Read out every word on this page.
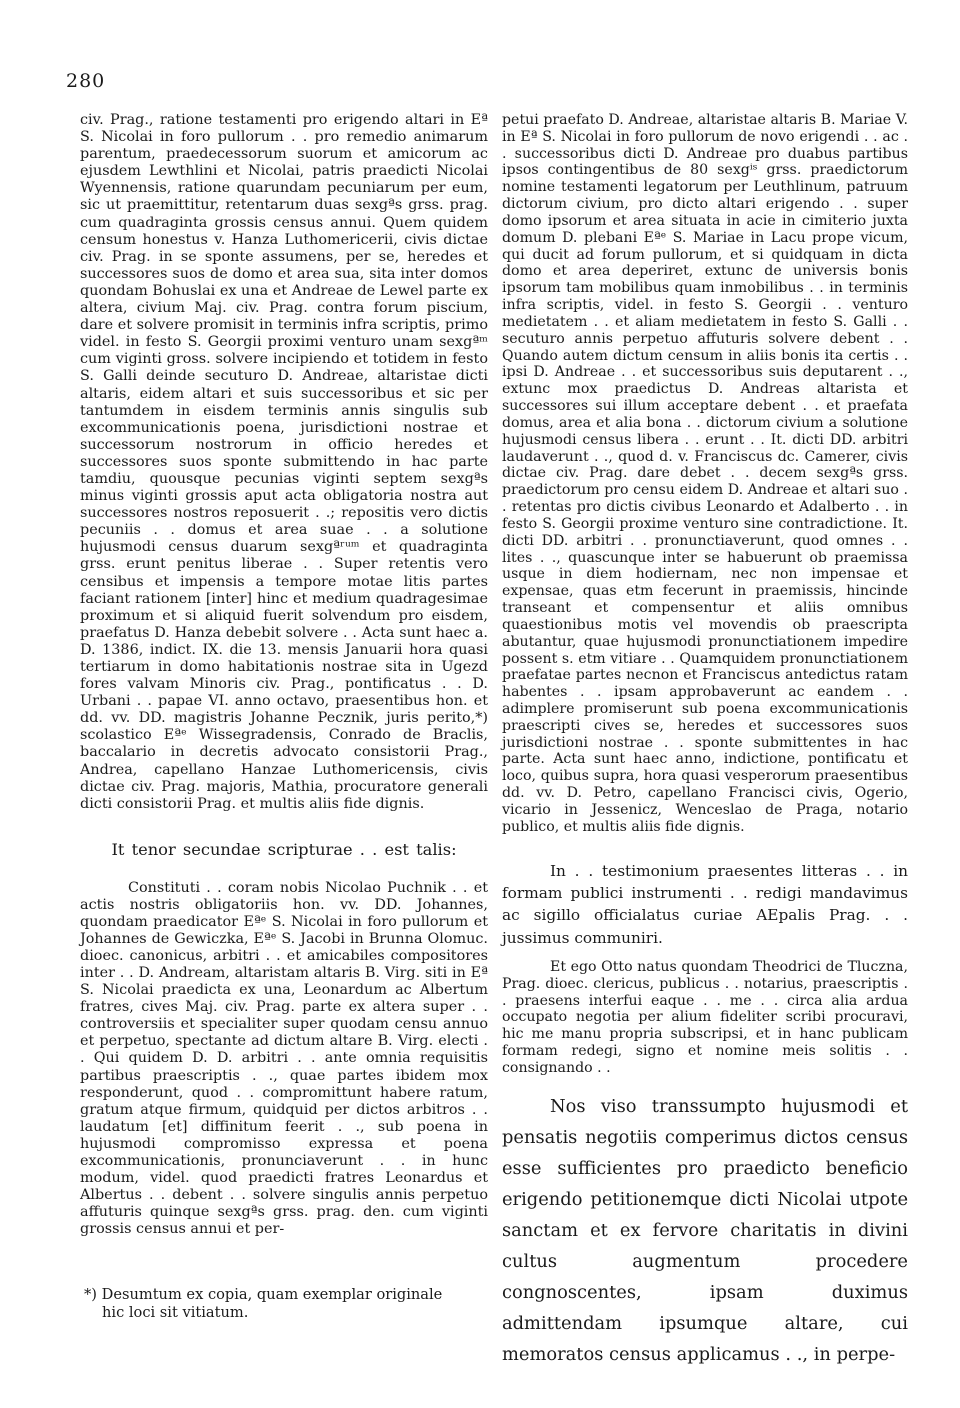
280

civ. Prag., ratione testamenti pro erigendo altari in Eª S. Nicolai in foro pullorum . . pro remedio animarum parentum, praedecessorum suorum et amicorum ac ejusdem Lewthlini et Nicolai, patris praedicti Nicolai Wyennensis, ratione quarundam pecuniarum per eum, sic ut praemittitur, retentarum duas sexgªs grss. prag. cum quadraginta grossis census annui. Quem quidem censum honestus v. Hanza Luthomericerii, civis dictae civ. Prag. in se sponte assumens, per se, heredes et successores suos de domo et area sua, sita inter domos quondam Bohuslai ex una et Andreae de Lewel parte ex altera, civium Maj. civ. Prag. contra forum piscium, dare et solvere promisit in terminis infra scriptis, primo videl. in festo S. Georgii proximi venturo unam sexgªᵐ cum viginti gross. solvere incipiendo et totidem in festo S. Galli deinde secuturo D. Andreae, altaristae dicti altaris, eidem altari et suis successoribus et sic per tantumdem in eisdem terminis annis singulis sub excommunicationis poena, jurisdictioni nostrae et successorum nostrorum in officio heredes et successores suos sponte submittendo in hac parte tamdiu, quousque pecunias viginti septem sexgªs minus viginti grossis aput acta obligatoria nostra aut successores nostros reposuerit . .; repositis vero dictis pecuniis . . domus et area suae . . a solutione hujusmodi census duarum sexgªʳᵘᵐ et quadraginta grss. erunt penitus liberae . . Super retentis vero censibus et impensis a tempore motae litis partes faciant rationem [inter] hinc et medium quadragesimae proximum et si aliquid fuerit solvendum pro eisdem, praefatus D. Hanza debebit solvere . . Acta sunt haec a. D. 1386, indict. IX. die 13. mensis Januarii hora quasi tertiarum in domo habitationis nostrae sita in Ugezd fores valvam Minoris civ. Prag., pontificatus . . D. Urbani . . papae VI. anno octavo, praesentibus hon. et dd. vv. DD. magistris Johanne Pecznik, juris perito,*) scolastico Eªᵉ Wissegradensis, Conrado de Braclis, baccalario in decretis advocato consistorii Prag., Andrea, capellano Hanzae Luthomericensis, civis dictae civ. Prag. majoris, Mathia, procuratore generali dicti consistorii Prag. et multis aliis fide dignis.

It tenor secundae scripturae . . est talis:

Constituti . . coram nobis Nicolao Puchnik . . et actis nostris obligatoriis hon. vv. DD. Johannes, quondam praedicator Eªᵉ S. Nicolai in foro pullorum et Johannes de Gewiczka, Eªᵉ S. Jacobi in Brunna Olomuc. dioec. canonicus, arbitri . . et amicabiles compositores inter . . D. Andream, altaristam altaris B. Virg. siti in Eª S. Nicolai praedicta ex una, Leonardum ac Albertum fratres, cives Maj. civ. Prag. parte ex altera super . . controversiis et specialiter super quodam censu annuo et perpetuo, spectante ad dictum altare B. Virg. electi . . Qui quidem D. D. arbitri . . ante omnia requisitis partibus praescriptis . ., quae partes ibidem mox responderunt, quod . . compromittunt habere ratum, gratum atque firmum, quidquid per dictos arbitros . . laudatum [et] diffinitum feerit . ., sub poena in hujusmodi compromisso expressa et poena excommunicationis, pronunciaverunt . . in hunc modum, videl. quod praedicti fratres Leonardus et Albertus . . debent . . solvere singulis annis perpetuo affuturis quinque sexgªs grss. prag. den. cum viginti grossis census annui et per-

*) Desumtum ex copia, quam exemplar originale
hic loci sit vitiatum.

petui praefato D. Andreae, altaristae altaris B. Mariae V. in Eª S. Nicolai in foro pullorum de novo erigendi . . ac . . successoribus dicti D. Andreae pro duabus partibus ipsos contingentibus de 80 sexgⁱˢ grss. praedictorum nomine testamenti legatorum per Leuthlinum, patruum dictorum civium, pro dicto altari erigendo . . super domo ipsorum et area situata in acie in cimiterio juxta domum D. plebani Eªᵉ S. Mariae in Lacu prope vicum, qui ducit ad forum pullorum, et si quidquam in dicta domo et area deperiret, extunc de universis bonis ipsorum tam mobilibus quam inmobilibus . . in terminis infra scriptis, videl. in festo S. Georgii . . venturo medietatem . . et aliam medietatem in festo S. Galli . . secuturo annis perpetuo affuturis solvere debent . . Quando autem dictum censum in aliis bonis ita certis . . ipsi D. Andreae . . et successoribus suis deputarent . ., extunc mox praedictus D. Andreas altarista et successores sui illum acceptare debent . . et praefata domus, area et alia bona . . dictorum civium a solutione hujusmodi census libera . . erunt . . It. dicti DD. arbitri laudaverunt . ., quod d. v. Franciscus dc. Camerer, civis dictae civ. Prag. dare debet . . decem sexgªs grss. praedictorum pro censu eidem D. Andreae et altari suo . . retentas pro dictis civibus Leonardo et Adalberto . . in festo S. Georgii proxime venturo sine contradictione. It. dicti DD. arbitri . . pronunctiaverunt, quod omnes . . lites . ., quascunque inter se habuerunt ob praemissa usque in diem hodiernam, nec non impensae et expensae, quas etm fecerunt in praemissis, hincinde transeant et compensentur et aliis omnibus quaestionibus motis vel movendis ob praescripta abutantur, quae hujusmodi pronunctiationem impedire possent s. etm vitiare . . Quamquidem pronunctiationem praefatae partes necnon et Franciscus antedictus ratam habentes . . ipsam approbaverunt ac eandem . . adimplere promiserunt sub poena excommunicationis praescripti cives se, heredes et successores suos jurisdictioni nostrae . . sponte submittentes in hac parte. Acta sunt haec anno, indictione, pontificatu et loco, quibus supra, hora quasi vesperorum praesentibus dd. vv. D. Petro, capellano Francisci civis, Ogerio, vicario in Jessenicz, Wenceslao de Praga, notario publico, et multis aliis fide dignis.

In . . testimonium praesentes litteras . . in formam publici instrumenti . . redigi mandavimus ac sigillo officialatus curiae AEpalis Prag. . . jussimus communiri.

Et ego Otto natus quondam Theodrici de Tluczna, Prag. dioec. clericus, publicus . . notarius, praescriptis . . praesens interfui eaque . . me . . circa alia ardua occupato negotia per alium fideliter scribi procuravi, hic me manu propria subscripsi, et in hanc publicam formam redegi, signo et nomine meis solitis . . consignando . .

Nos viso transsumpto hujusmodi et pensatis negotiis comperimus dictos census esse sufficientes pro praedicto beneficio erigendo petitionemque dicti Nicolai utpote sanctam et ex fervore charitatis in divini cultus augmentum procedere congnoscentes, ipsam duximus admittendam ipsumque altare, cui memoratos census applicamus . ., in perpe-
